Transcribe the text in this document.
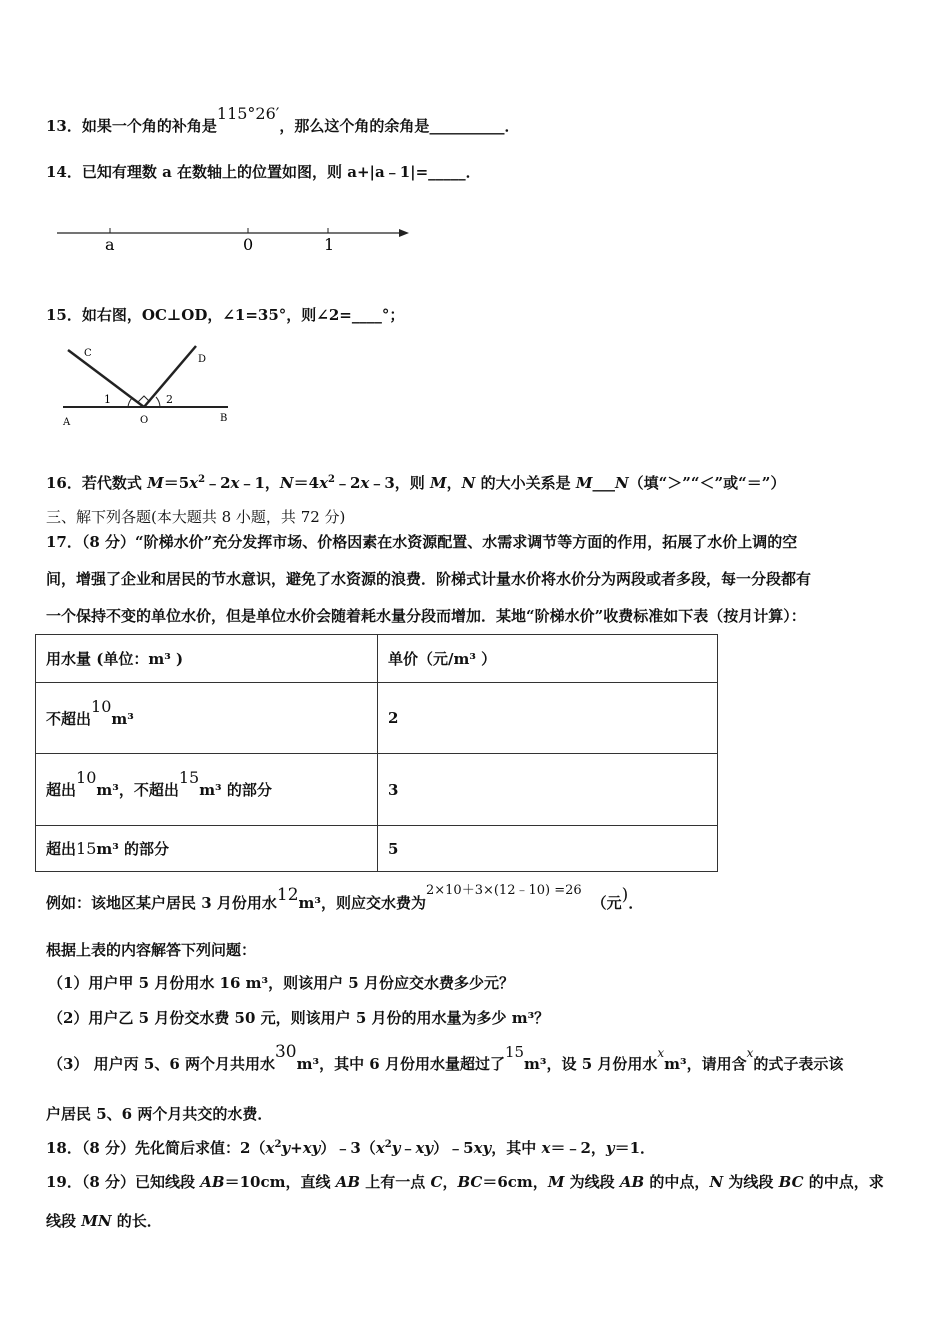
13．如果一个角的补角是115°26′，那么这个角的余角是__________．
14．已知有理数 a 在数轴上的位置如图，则 a+|a﹣1|=_____．
a	0	1
15．如右图，OC⊥OD，∠1=35°，则∠2=____°；
C
D
1	2
A	O	B
16．若代数式 $M=5x^2﹣2x﹣1$，$N=4x^2﹣2x﹣3$，则 M，N 的大小关系是 M___N（填“＞”“＜”或“＝”）
三、解下列各题(本大题共 8 小题，共 72 分)
17．（8 分）“阶梯水价”充分发挥市场、价格因素在水资源配置、水需求调节等方面的作用，拓展了水价上调的空
间，增强了企业和居民的节水意识，避免了水资源的浪费．阶梯式计量水价将水价分为两段或者多段，每一分段都有
一个保持不变的单位水价，但是单位水价会随着耗水量分段而增加．某地“阶梯水价”收费标准如下表（按月计算）：
用水量 (单位：m³ )	单价（元/m³ ）
不超出10m³	2
超出10m³，不超出15m³ 的部分	3
超出15m³ 的部分	5
例如：该地区某户居民 3 月份用水12m³，则应交水费为2×10＋3×(12﹣10) =26（元)．
根据上表的内容解答下列问题：
（1）用户甲 5 月份用水 16 m³，则该用户 5 月份应交水费多少元？
（2）用户乙 5 月份交水费 50 元，则该用户 5 月份的用水量为多少 m³？
（3） 用户丙 5、6 两个月共用水30m³，其中 6 月份用水量超过了15m³，设 5 月份用水$^x$m³，请用含$^x$的式子表示该
户居民 5、6 两个月共交的水费．
18．（8 分）先化简后求值：$2(x^2y+xy)﹣3(x^2y﹣xy)﹣5xy$，其中 x＝﹣2，y＝1．
19．（8 分）已知线段 AB＝10cm，直线 AB 上有一点 C，BC＝6cm，M 为线段 AB 的中点，N 为线段 BC 的中点，求
线段 MN 的长．
